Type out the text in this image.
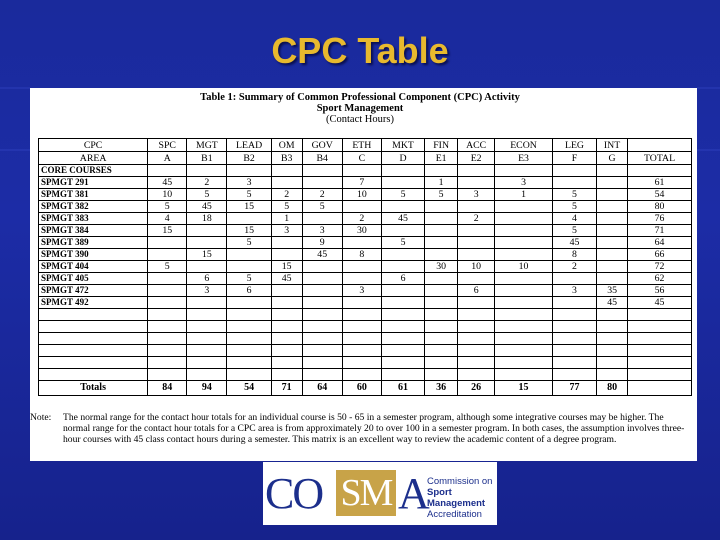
CPC Table
Table 1: Summary of Common Professional Component (CPC) Activity
Sport Management
(Contact Hours)
CPC	SPC	MGT	LEAD	OM	GOV	ETH	MKT	FIN	ACC	ECON	LEG	INT	
AREA	A	B1	B2	B3	B4	C	D	E1	E2	E3	F	G	TOTAL
CORE COURSES													
SPMGT 291	45	2	3			7		1		3			61
SPMGT 381	10	5	5	2	2	10	5	5	3	1	5		54
SPMGT 382	5	45	15	5	5						5		80
SPMGT 383	4	18		1		2	45		2		4		76
SPMGT 384	15		15	3	3	30					5		71
SPMGT 389			5		9		5				45		64
SPMGT 390		15			45	8					8		66
SPMGT 404	5			15				30	10	10	2		72
SPMGT 405		6	5	45			6						62
SPMGT 472		3	6			3			6		3	35	56
SPMGT 492												45	45

Totals	84	94	54	71	64	60	61	36	26	15	77	80	
Note:	The normal range for the contact hour totals for an individual course is 50 - 65 in a semester program, although some integrative courses may be higher. The normal range for the contact hour totals for a CPC area is from approximately 20 to over 100 in a semester program. In both cases, the assumption involves three-hour courses with 45 class contact hours during a semester. This matrix is an excellent way to review the academic content of a degree program.
CO SM A
Commission on
Sport Management
Accreditation
